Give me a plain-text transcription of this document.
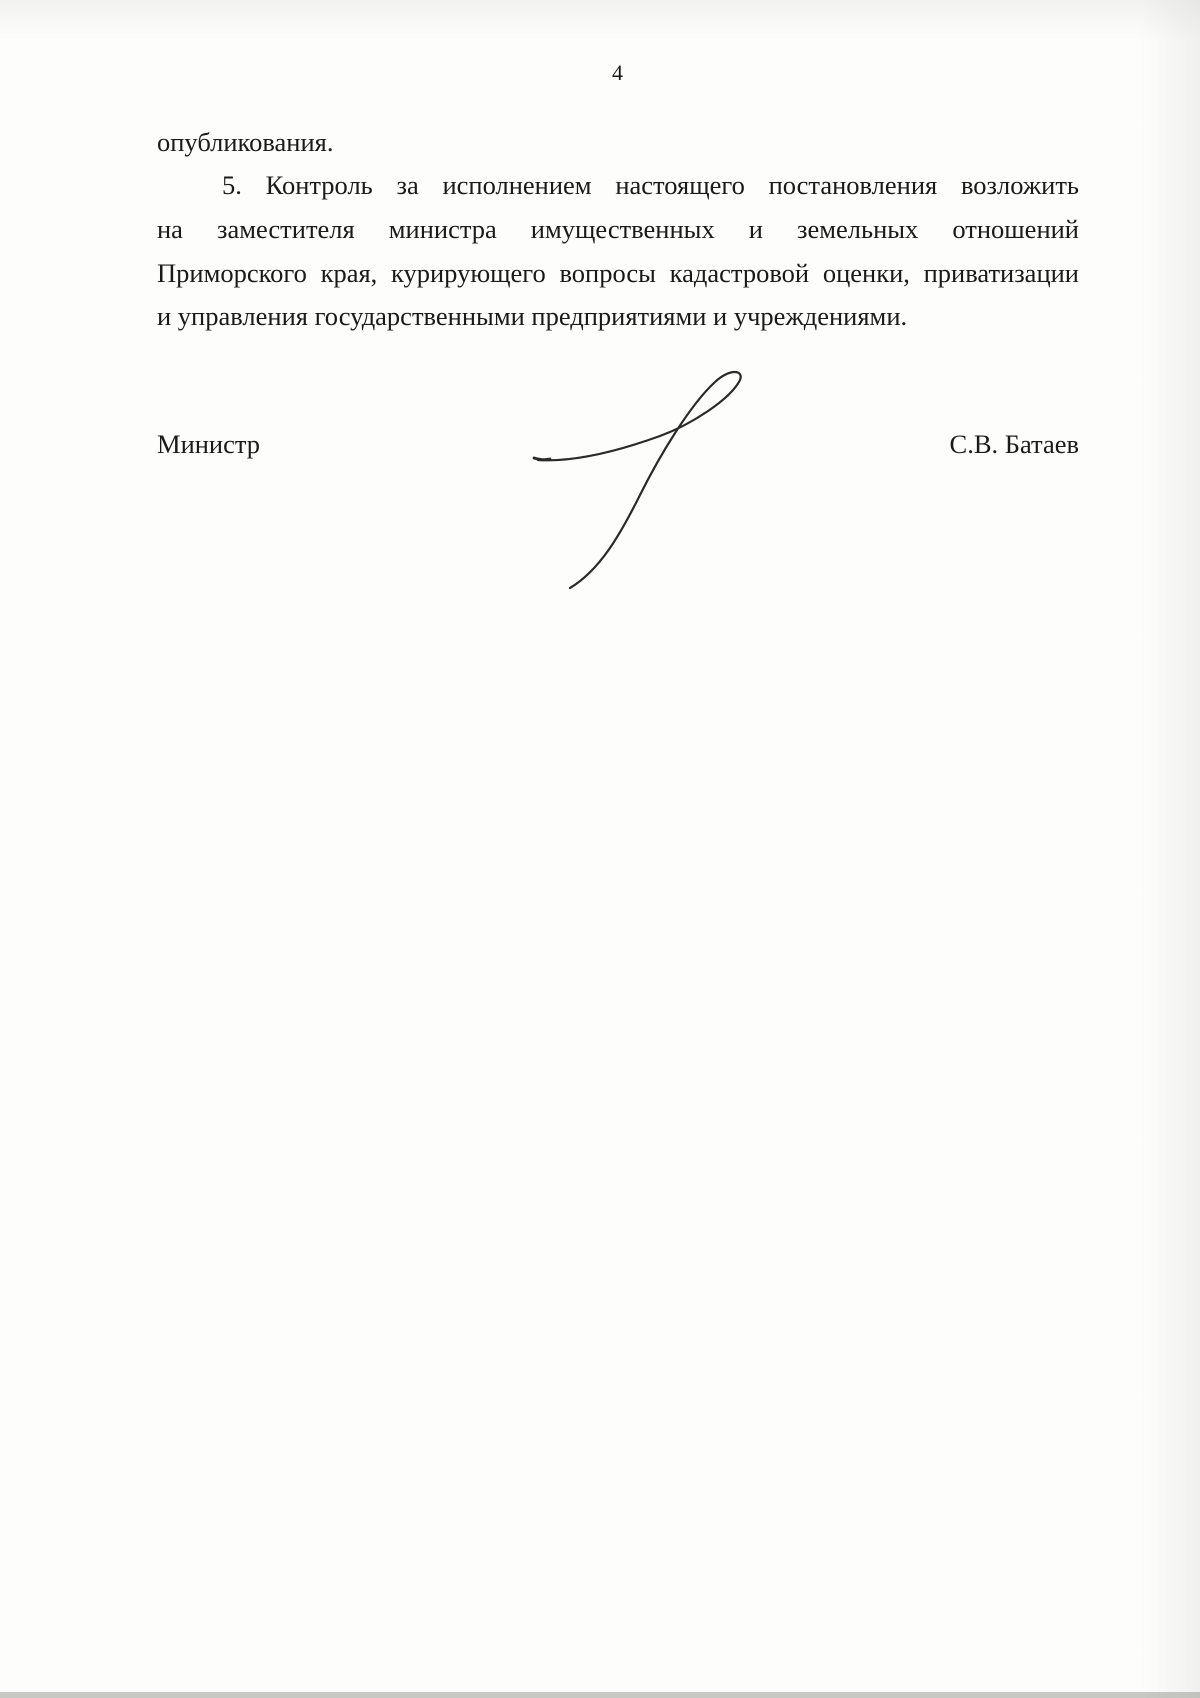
4
опубликования.
5. Контроль за исполнением настоящего постановления возложить
на заместителя министра имущественных и земельных отношений
Приморского края, курирующего вопросы кадастровой оценки, приватизации
и управления государственными предприятиями и учреждениями.
Министр	С.В. Батаев
